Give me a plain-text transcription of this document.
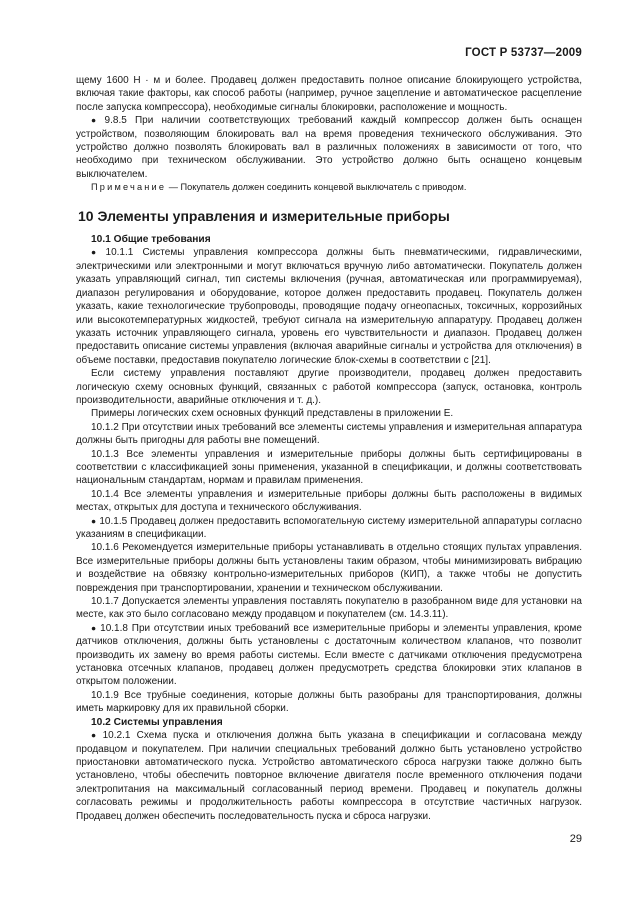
ГОСТ Р 53737—2009

щему 1600 Н · м и более. Продавец должен предоставить полное описание блокирующего устройства, включая такие факторы, как способ работы (например, ручное зацепление и автоматическое расцепление после запуска компрессора), необходимые сигналы блокировки, расположение и мощность.

● 9.8.5 При наличии соответствующих требований каждый компрессор должен быть оснащен устройством, позволяющим блокировать вал на время проведения технического обслуживания. Это устройство должно позволять блокировать вал в различных положениях в зависимости от того, что необходимо при техническом обслуживании. Это устройство должно быть оснащено концевым выключателем.

Примечание — Покупатель должен соединить концевой выключатель с приводом.

10 Элементы управления и измерительные приборы
10.1 Общие требования

● 10.1.1 Системы управления компрессора должны быть пневматическими, гидравлическими, электрическими или электронными и могут включаться вручную либо автоматически. Покупатель должен указать управляющий сигнал, тип системы включения (ручная, автоматическая или программируемая), диапазон регулирования и оборудование, которое должен предоставить продавец. Покупатель должен указать, какие технологические трубопроводы, проводящие подачу огнеопасных, токсичных, коррозийных или высокотемпературных жидкостей, требуют сигнала на измерительную аппаратуру. Продавец должен указать источник управляющего сигнала, уровень его чувствительности и диапазон. Продавец должен предоставить описание системы управления (включая аварийные сигналы и устройства для отключения) в объеме поставки, предоставив покупателю логические блок-схемы в соответствии с [21].

Если систему управления поставляют другие производители, продавец должен предоставить логическую схему основных функций, связанных с работой компрессора (запуск, остановка, контроль производительности, аварийные отключения и т. д.).

Примеры логических схем основных функций представлены в приложении Е.

10.1.2 При отсутствии иных требований все элементы системы управления и измерительная аппаратура должны быть пригодны для работы вне помещений.

10.1.3 Все элементы управления и измерительные приборы должны быть сертифицированы в соответствии с классификацией зоны применения, указанной в спецификации, и должны соответствовать национальным стандартам, нормам и правилам применения.

10.1.4 Все элементы управления и измерительные приборы должны быть расположены в видимых местах, открытых для доступа и технического обслуживания.

● 10.1.5 Продавец должен предоставить вспомогательную систему измерительной аппаратуры согласно указаниям в спецификации.

10.1.6 Рекомендуется измерительные приборы устанавливать в отдельно стоящих пультах управления. Все измерительные приборы должны быть установлены таким образом, чтобы минимизировать вибрацию и воздействие на обвязку контрольно-измерительных приборов (КИП), а также чтобы не допустить повреждения при транспортировании, хранении и техническом обслуживании.

10.1.7 Допускается элементы управления поставлять покупателю в разобранном виде для установки на месте, как это было согласовано между продавцом и покупателем (см. 14.3.11).

● 10.1.8 При отсутствии иных требований все измерительные приборы и элементы управления, кроме датчиков отключения, должны быть установлены с достаточным количеством клапанов, что позволит производить их замену во время работы системы. Если вместе с датчиками отключения предусмотрена установка отсечных клапанов, продавец должен предусмотреть средства блокировки этих клапанов в открытом положении.

10.1.9 Все трубные соединения, которые должны быть разобраны для транспортирования, должны иметь маркировку для их правильной сборки.

10.2 Системы управления

● 10.2.1 Схема пуска и отключения должна быть указана в спецификации и согласована между продавцом и покупателем. При наличии специальных требований должно быть установлено устройство приостановки автоматического пуска. Устройство автоматического сброса нагрузки также должно быть установлено, чтобы обеспечить повторное включение двигателя после временного отключения подачи электропитания на максимальный согласованный период времени. Продавец и покупатель должны согласовать режимы и продолжительность работы компрессора в отсутствие частичных нагрузок. Продавец должен обеспечить последовательность пуска и сброса нагрузки.

29
